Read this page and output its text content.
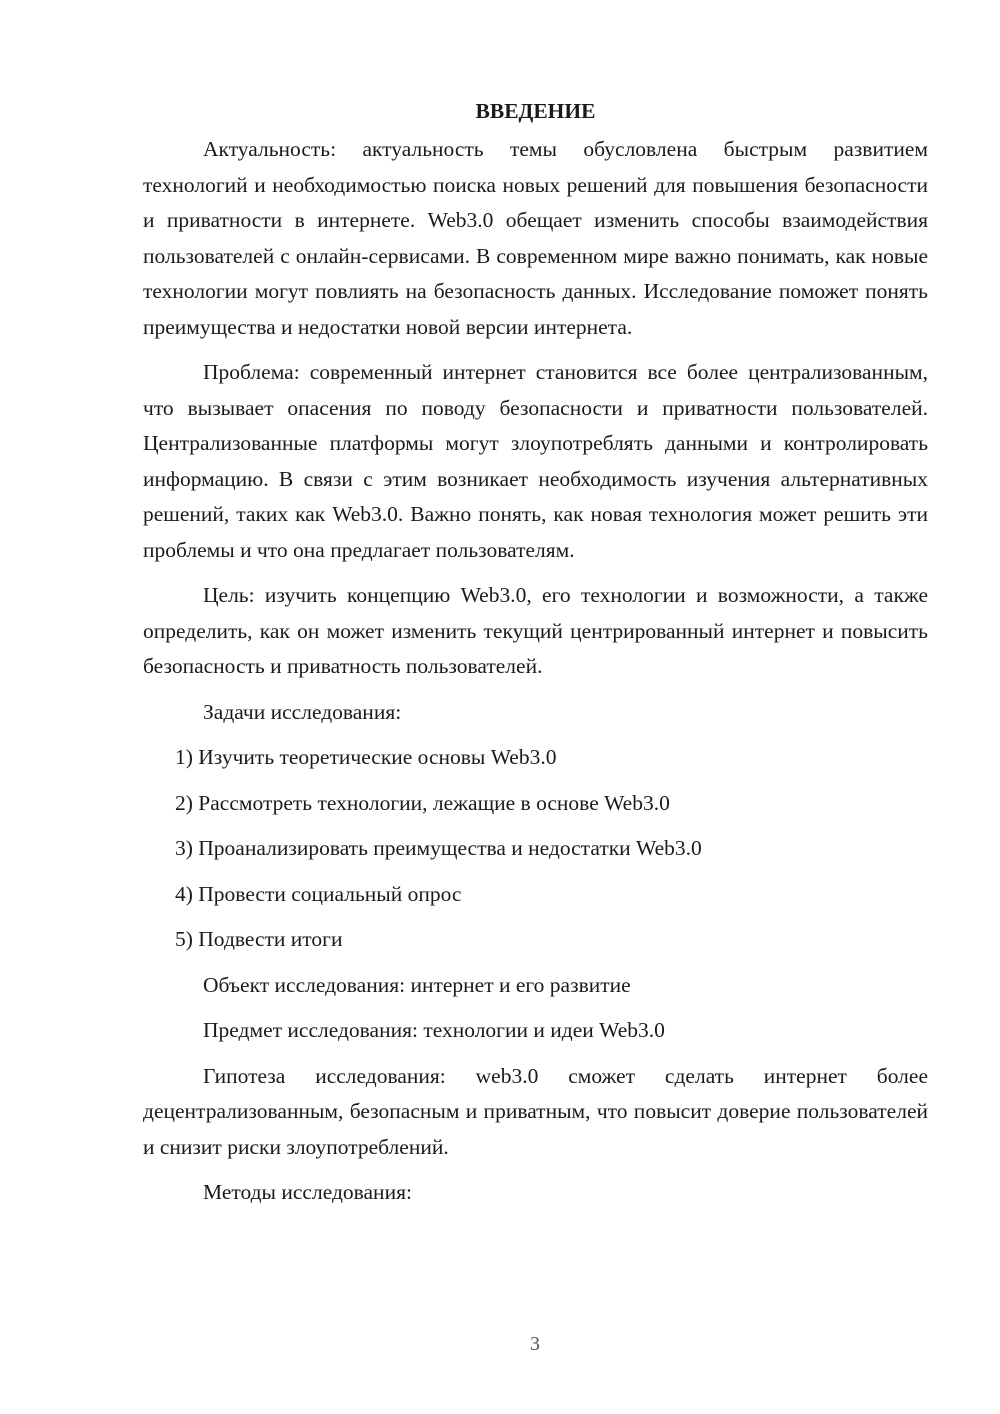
ВВЕДЕНИЕ

Актуальность: актуальность темы обусловлена быстрым развитием технологий и необходимостью поиска новых решений для повышения безопасности и приватности в интернете. Web3.0 обещает изменить способы взаимодействия пользователей с онлайн-сервисами. В современном мире важно понимать, как новые технологии могут повлиять на безопасность данных. Исследование поможет понять преимущества и недостатки новой версии интернета.

Проблема: современный интернет становится все более централизованным, что вызывает опасения по поводу безопасности и приватности пользователей. Централизованные платформы могут злоупотреблять данными и контролировать информацию. В связи с этим возникает необходимость изучения альтернативных решений, таких как Web3.0. Важно понять, как новая технология может решить эти проблемы и что она предлагает пользователям.

Цель: изучить концепцию Web3.0, его технологии и возможности, а также определить, как он может изменить текущий центрированный интернет и повысить безопасность и приватность пользователей.

Задачи исследования:

1) Изучить теоретические основы Web3.0
2) Рассмотреть технологии, лежащие в основе Web3.0
3) Проанализировать преимущества и недостатки Web3.0
4) Провести социальный опрос
5) Подвести итоги

Объект исследования: интернет и его развитие

Предмет исследования: технологии и идеи Web3.0

Гипотеза исследования: web3.0 сможет сделать интернет более децентрализованным, безопасным и приватным, что повысит доверие пользователей и снизит риски злоупотреблений.

Методы исследования:

3
